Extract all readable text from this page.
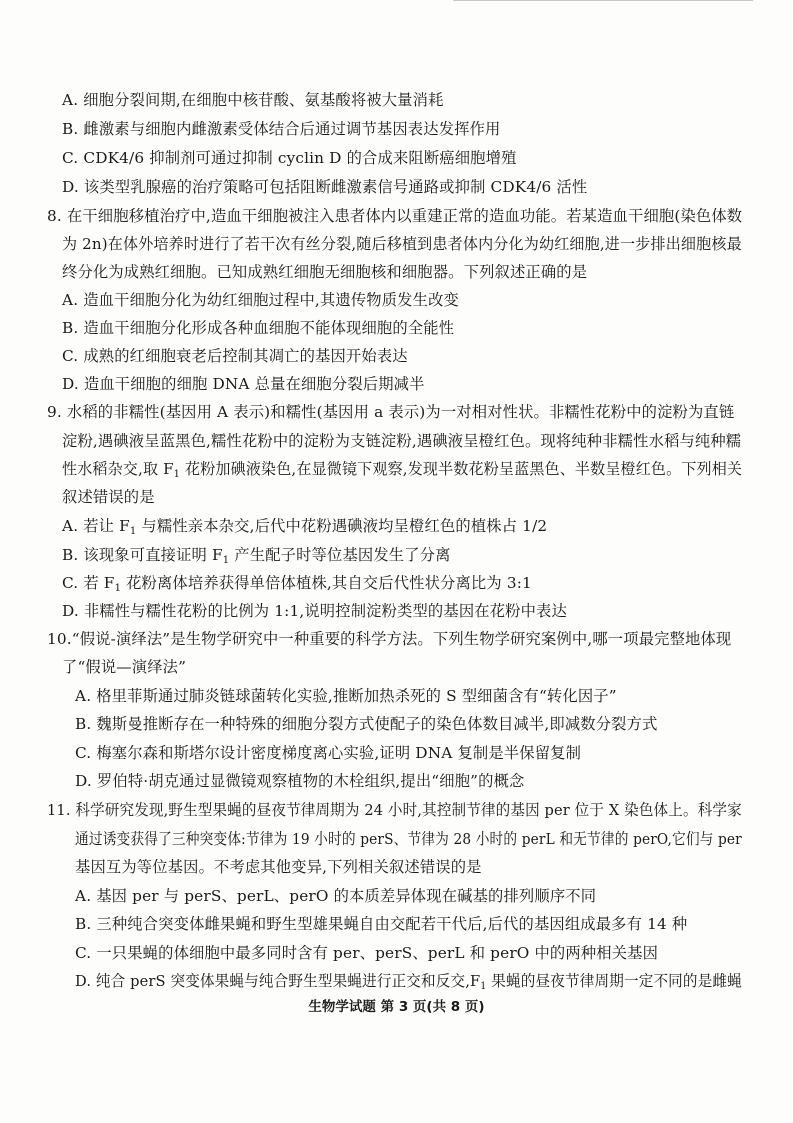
A. 细胞分裂间期,在细胞中核苷酸、氨基酸将被大量消耗
B. 雌激素与细胞内雌激素受体结合后通过调节基因表达发挥作用
C. CDK4/6 抑制剂可通过抑制 cyclin D 的合成来阻断癌细胞增殖
D. 该类型乳腺癌的治疗策略可包括阻断雌激素信号通路或抑制 CDK4/6 活性
8. 在干细胞移植治疗中,造血干细胞被注入患者体内以重建正常的造血功能。若某造血干细胞(染色体数
为 2n)在体外培养时进行了若干次有丝分裂,随后移植到患者体内分化为幼红细胞,进一步排出细胞核最
终分化为成熟红细胞。已知成熟红细胞无细胞核和细胞器。下列叙述正确的是
A. 造血干细胞分化为幼红细胞过程中,其遗传物质发生改变
B. 造血干细胞分化形成各种血细胞不能体现细胞的全能性
C. 成熟的红细胞衰老后控制其凋亡的基因开始表达
D. 造血干细胞的细胞 DNA 总量在细胞分裂后期减半
9. 水稻的非糯性(基因用 A 表示)和糯性(基因用 a 表示)为一对相对性状。非糯性花粉中的淀粉为直链
淀粉,遇碘液呈蓝黑色,糯性花粉中的淀粉为支链淀粉,遇碘液呈橙红色。现将纯种非糯性水稻与纯种糯
性水稻杂交,取 $F_1$ 花粉加碘液染色,在显微镜下观察,发现半数花粉呈蓝黑色、半数呈橙红色。下列相关
叙述错误的是
A. 若让 $F_1$ 与糯性亲本杂交,后代中花粉遇碘液均呈橙红色的植株占 1/2
B. 该现象可直接证明 $F_1$ 产生配子时等位基因发生了分离
C. 若 $F_1$ 花粉离体培养获得单倍体植株,其自交后代性状分离比为 3:1
D. 非糯性与糯性花粉的比例为 1:1,说明控制淀粉类型的基因在花粉中表达
10.“假说-演绎法”是生物学研究中一种重要的科学方法。下列生物学研究案例中,哪一项最完整地体现
了“假说—演绎法”
A. 格里菲斯通过肺炎链球菌转化实验,推断加热杀死的 S 型细菌含有“转化因子”
B. 魏斯曼推断存在一种特殊的细胞分裂方式使配子的染色体数目减半,即减数分裂方式
C. 梅塞尔森和斯塔尔设计密度梯度离心实验,证明 DNA 复制是半保留复制
D. 罗伯特·胡克通过显微镜观察植物的木栓组织,提出“细胞”的概念
11. 科学研究发现,野生型果蝇的昼夜节律周期为 24 小时,其控制节律的基因 per 位于 X 染色体上。科学家
通过诱变获得了三种突变体:节律为 19 小时的 perS、节律为 28 小时的 perL 和无节律的 perO,它们与 per
基因互为等位基因。不考虑其他变异,下列相关叙述错误的是
A. 基因 per 与 perS、perL、perO 的本质差异体现在碱基的排列顺序不同
B. 三种纯合突变体雌果蝇和野生型雄果蝇自由交配若干代后,后代的基因组成最多有 14 种
C. 一只果蝇的体细胞中最多同时含有 per、perS、perL 和 perO 中的两种相关基因
D. 纯合 perS 突变体果蝇与纯合野生型果蝇进行正交和反交$,F_1$ 果蝇的昼夜节律周期一定不同的是雌蝇
生物学试题 第 3 页(共 8 页)
